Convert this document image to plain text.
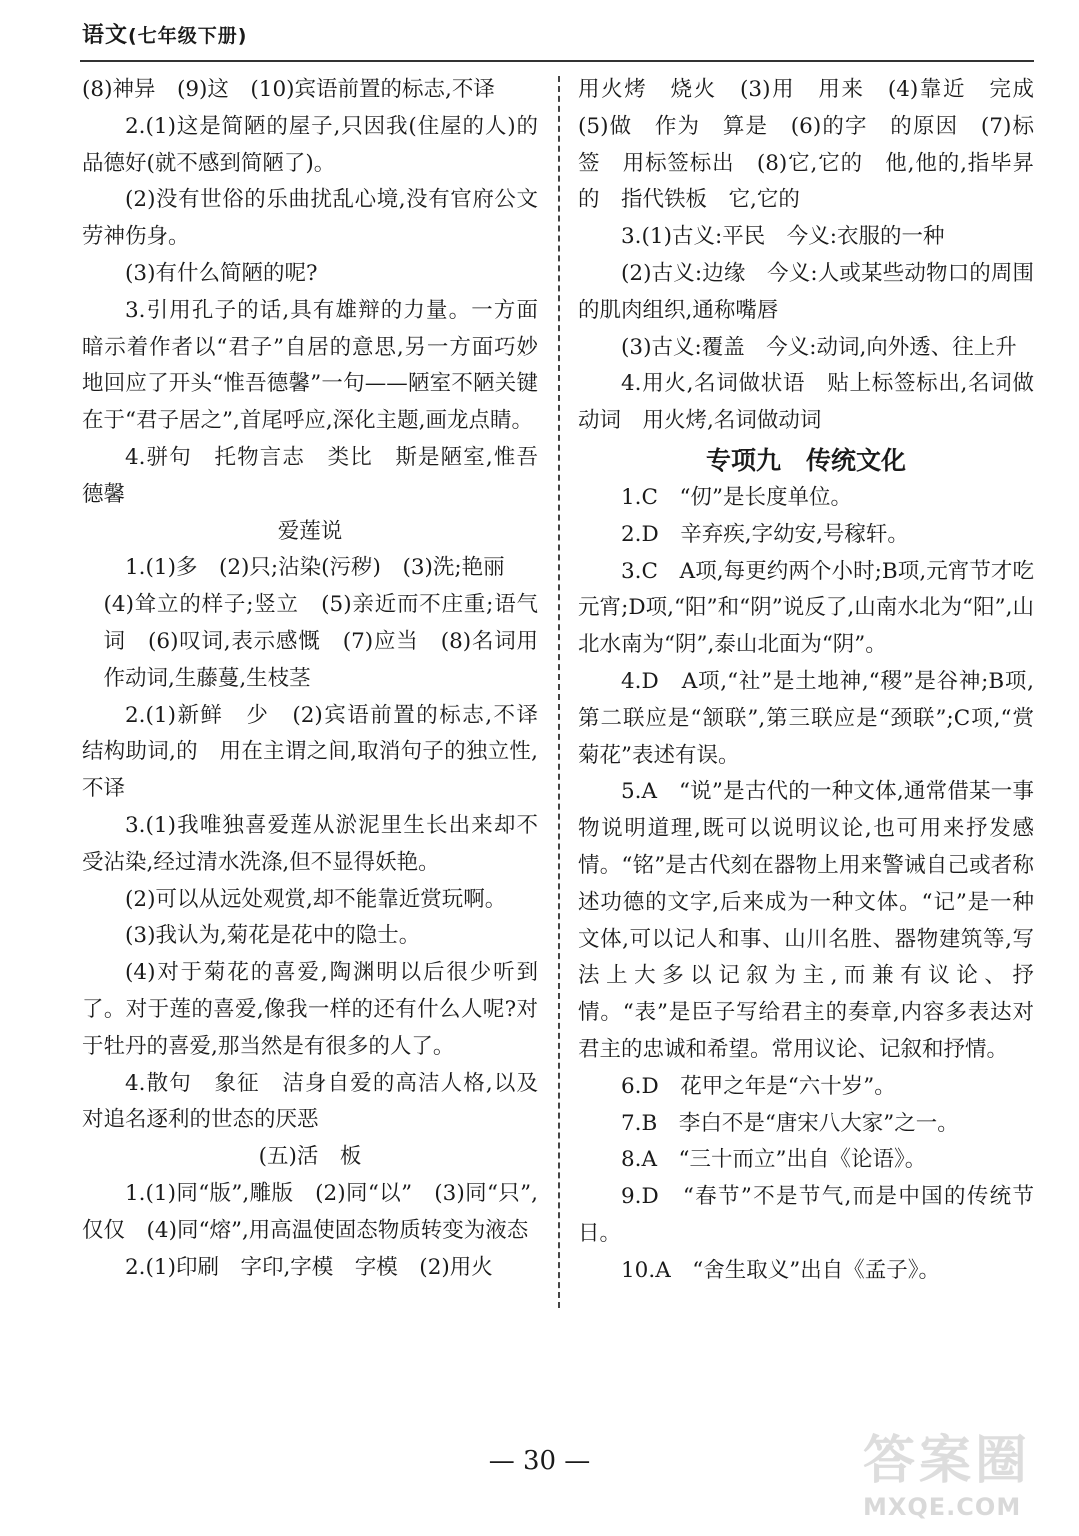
语文(七年级下册)

(8)神异　(9)这　(10)宾语前置的标志,不译

2.(1)这是简陋的屋子,只因我(住屋的人)的品德好(就不感到简陋了)。

(2)没有世俗的乐曲扰乱心境,没有官府公文劳神伤身。

(3)有什么简陋的呢?

3.引用孔子的话,具有雄辩的力量。一方面暗示着作者以“君子”自居的意思,另一方面巧妙地回应了开头“惟吾德馨”一句——陋室不陋关键在于“君子居之”,首尾呼应,深化主题,画龙点睛。

4.骈句　托物言志　类比　斯是陋室,惟吾德馨

爱莲说

1.(1)多　(2)只;沾染(污秽)　(3)洗;艳丽

(4)耸立的样子;竖立　(5)亲近而不庄重;语气词　(6)叹词,表示感慨　(7)应当　(8)名词用作动词,生藤蔓,生枝茎

2.(1)新鲜　少　(2)宾语前置的标志,不译　结构助词,的　用在主谓之间,取消句子的独立性,不译

3.(1)我唯独喜爱莲从淤泥里生长出来却不受沾染,经过清水洗涤,但不显得妖艳。

(2)可以从远处观赏,却不能靠近赏玩啊。

(3)我认为,菊花是花中的隐士。

(4)对于菊花的喜爱,陶渊明以后很少听到了。对于莲的喜爱,像我一样的还有什么人呢?对于牡丹的喜爱,那当然是有很多的人了。

4.散句　象征　洁身自爱的高洁人格,以及对追名逐利的世态的厌恶

(五)活　板

1.(1)同“版”,雕版　(2)同“以”　(3)同“只”,仅仅　(4)同“熔”,用高温使固态物质转变为液态

2.(1)印刷　字印,字模　字模　(2)用火

用火烤　烧火　(3)用　用来　(4)靠近　完成　(5)做　作为　算是　(6)的字　的原因　(7)标签　用标签标出　(8)它,它的　他,他的,指毕昇的　指代铁板　它,它的

3.(1)古义:平民　今义:衣服的一种

(2)古义:边缘　今义:人或某些动物口的周围的肌肉组织,通称嘴唇

(3)古义:覆盖　今义:动词,向外透、往上升

4.用火,名词做状语　贴上标签标出,名词做动词　用火烤,名词做动词

专项九　传统文化

1.C　“仞”是长度单位。

2.D　辛弃疾,字幼安,号稼轩。

3.C　A项,每更约两个小时;B项,元宵节才吃元宵;D项,“阳”和“阴”说反了,山南水北为“阳”,山北水南为“阴”,泰山北面为“阴”。

4.D　A项,“社”是土地神,“稷”是谷神;B项,第二联应是“颔联”,第三联应是“颈联”;C项,“赏菊花”表述有误。

5.A　“说”是古代的一种文体,通常借某一事物说明道理,既可以说明议论,也可用来抒发感情。“铭”是古代刻在器物上用来警诫自己或者称述功德的文字,后来成为一种文体。“记”是一种文体,可以记人和事、山川名胜、器物建筑等,写法上大多以记叙为主,而兼有议论、抒情。“表”是臣子写给君主的奏章,内容多表达对君主的忠诚和希望。常用议论、记叙和抒情。

6.D　花甲之年是“六十岁”。

7.B　李白不是“唐宋八大家”之一。

8.A　“三十而立”出自《论语》。

9.D　“春节”不是节气,而是中国的传统节日。

10.A　“舍生取义”出自《孟子》。

— 30 —	答案圈
MXQE.COM
